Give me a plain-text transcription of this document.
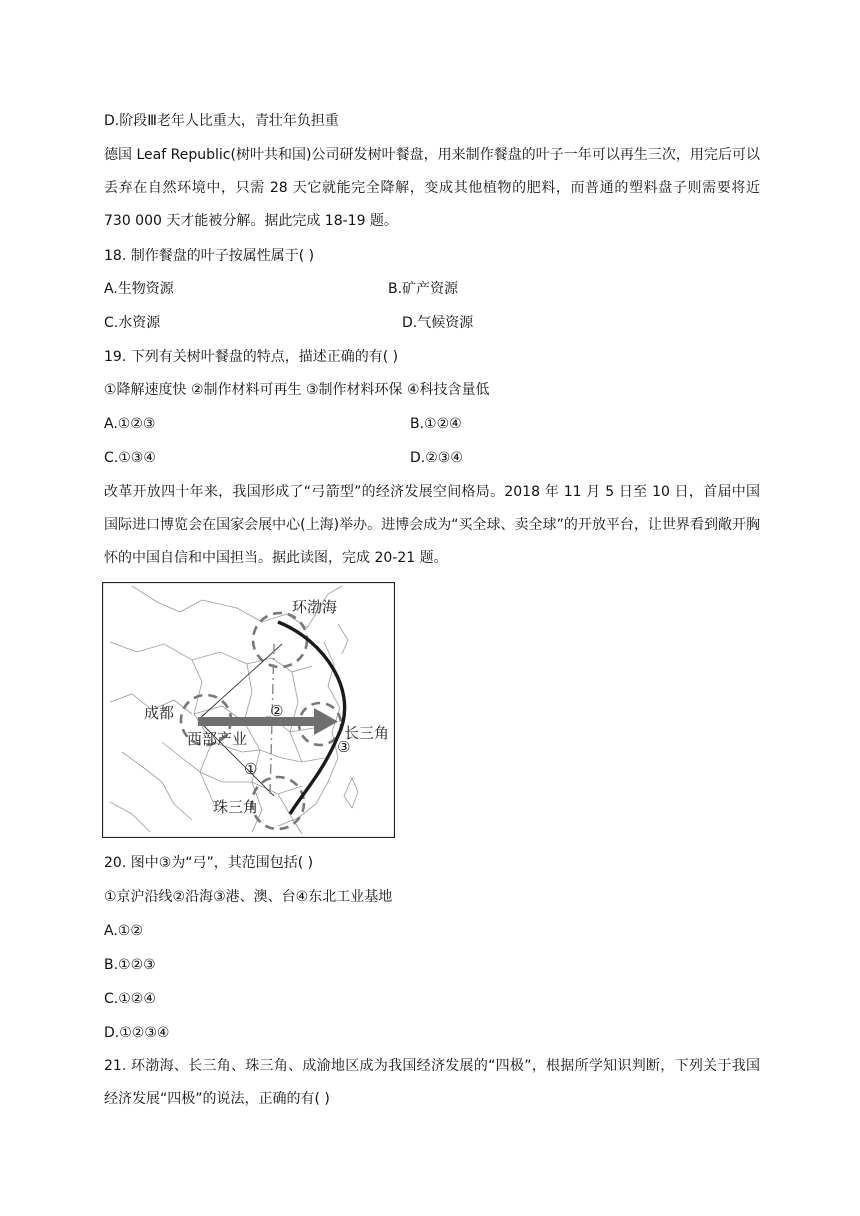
D.阶段Ⅲ老年人比重大，青壮年负担重
德国 Leaf Republic(树叶共和国)公司研发树叶餐盘，用来制作餐盘的叶子一年可以再生三次，用完后可以丢弃在自然环境中，只需 28 天它就能完全降解，变成其他植物的肥料，而普通的塑料盘子则需要将近 730 000 天才能被分解。据此完成 18-19 题。
18. 制作餐盘的叶子按属性属于( )
A.生物资源	B.矿产资源
C.水资源	D.气候资源
19. 下列有关树叶餐盘的特点，描述正确的有( )
①降解速度快 ②制作材料可再生 ③制作材料环保 ④科技含量低
A.①②③	B.①②④
C.①③④	D.②③④
改革开放四十年来，我国形成了“弓箭型”的经济发展空间格局。2018 年 11 月 5 日至 10 日，首届中国国际进口博览会在国家会展中心(上海)举办。进博会成为“买全球、卖全球”的开放平台，让世界看到敞开胸怀的中国自信和中国担当。据此读图，完成 20-21 题。
环渤海
成都
西部产业	长三角
珠三角
①
②
③
20. 图中③为“弓”，其范围包括( )
①京沪沿线②沿海③港、澳、台④东北工业基地
A.①②
B.①②③
C.①②④
D.①②③④
21. 环渤海、长三角、珠三角、成渝地区成为我国经济发展的“四极”，根据所学知识判断，下列关于我国经济发展“四极”的说法，正确的有( )
